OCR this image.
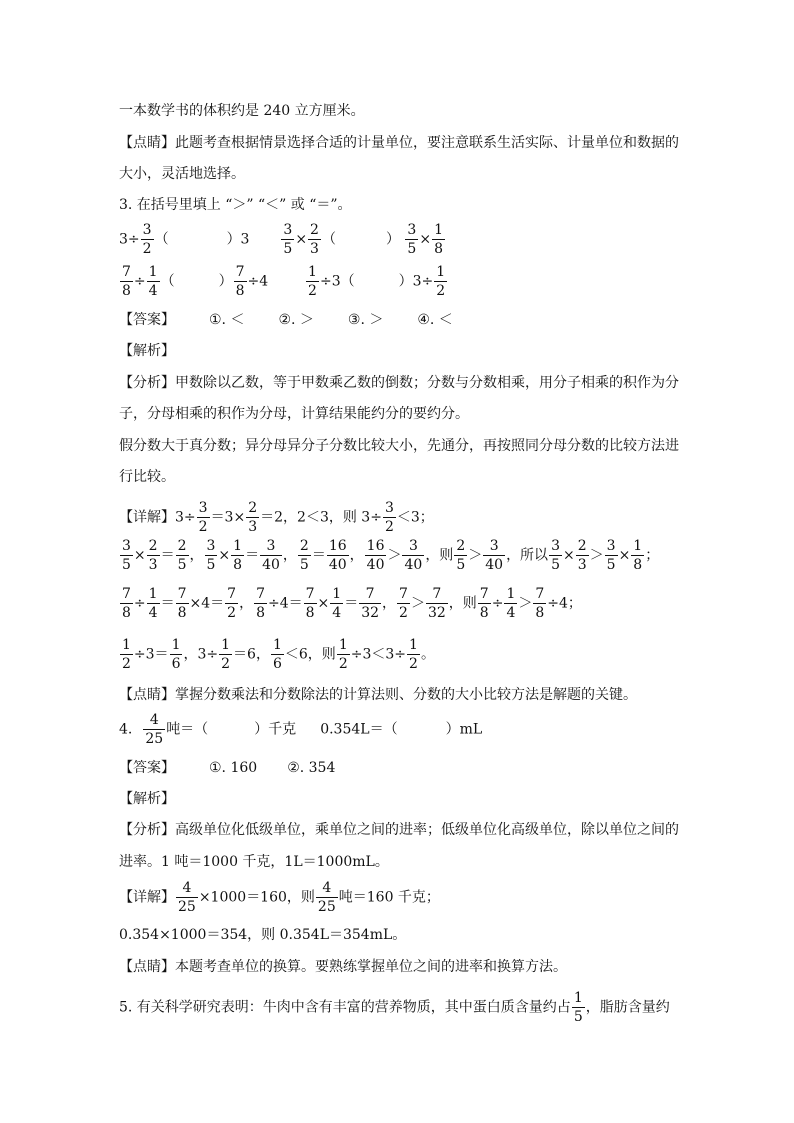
一本数学书的体积约是 240 立方厘米。
【点睛】此题考查根据情景选择合适的计量单位，要注意联系生活实际、计量单位和数据的
大小，灵活地选择。
3. 在括号里填上 “＞” “＜” 或 “＝”。
$3\div \frac{3}{2}$ （	）$3 \frac{3}{5} \times \frac{2}{3}$ （	） $\frac{3}{5} \times \frac{1}{8}$
$\frac{7}{8} \div \frac{1}{4}$ （	） $\frac{7}{8} \div 4$	$\frac{1}{2} \div 3$（	）$3\div \frac{1}{2}$
【答案】 ①. ＜ ②. ＞ ③. ＞ ④. ＜
【解析】
【分析】甲数除以乙数，等于甲数乘乙数的倒数；分数与分数相乘，用分子相乘的积作为分
子，分母相乘的积作为分母，计算结果能约分的要约分。
假分数大于真分数；异分母异分子分数比较大小，先通分，再按照同分母分数的比较方法进
行比较。
【详解】$3\div \frac{3}{2} =3\times \frac{2}{3} =2$，2＜3，则 $3\div \frac{3}{2} <3$；
$\frac{3}{5} \times \frac{2}{3} = \frac{2}{5}$ ， $\frac{3}{5} \times \frac{1}{8} = \frac{3}{40}$ ， $\frac{2}{5} = \frac{16}{40}$ ， $\frac{16}{40} > \frac{3}{40}$ ，则 $\frac{2}{5} > \frac{3}{40}$ ，所以 $\frac{3}{5} \times \frac{2}{3} > \frac{3}{5} \times \frac{1}{8}$ ；
$\frac{7}{8} \div \frac{1}{4} = \frac{7}{8} \times 4= \frac{7}{2}$ ， $\frac{7}{8} \div 4= \frac{7}{8} \times \frac{1}{4} = \frac{7}{32}$ ， $\frac{7}{2} > \frac{7}{32}$ ，则 $\frac{7}{8} \div \frac{1}{4} > \frac{7}{8} \div 4$；
$\frac{1}{2} \div 3= \frac{1}{6}$ ，$3\div \frac{1}{2} =6$， $\frac{1}{6} <6$，则 $\frac{1}{2} \div 3<3\div \frac{1}{2}$ 。
【点睛】掌握分数乘法和分数除法的计算法则、分数的大小比较方法是解题的关键。
4. $\frac{4}{25}$ 吨＝（	）千克 0.354L＝（	）mL
【答案】 ①. 160 ②. 354
【解析】
【分析】高级单位化低级单位，乘单位之间的进率；低级单位化高级单位，除以单位之间的
进率。1 吨＝1000 千克，1L＝1000mL。
【详解】 $\frac{4}{25} \times 1000=160$，则 $\frac{4}{25}$ 吨＝160 千克；
0.354×1000＝354，则 0.354L＝354mL。
【点睛】本题考查单位的换算。要熟练掌握单位之间的进率和换算方法。
5. 有关科学研究表明：牛肉中含有丰富的营养物质，其中蛋白质含量约占 $\frac{1}{5}$ ，脂肪含量约
